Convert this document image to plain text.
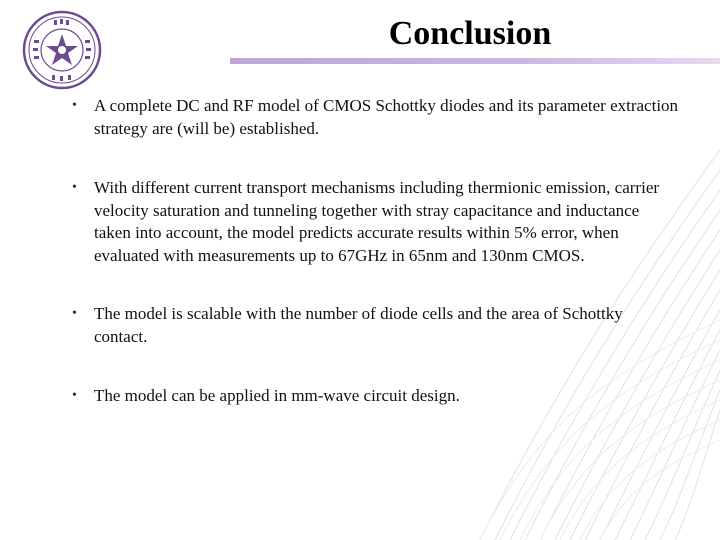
Conclusion
• A complete DC and RF model of CMOS Schottky diodes and its parameter extraction strategy are (will be) established.
• With different current transport mechanisms including thermionic emission, carrier velocity saturation and tunneling together with stray capacitance and inductance taken into account, the model predicts accurate results within 5% error, when evaluated with measurements up to 67GHz in 65nm and 130nm CMOS.
• The model is scalable with the number of diode cells and the area of Schottky contact.
• The model can be applied in mm-wave circuit design.
